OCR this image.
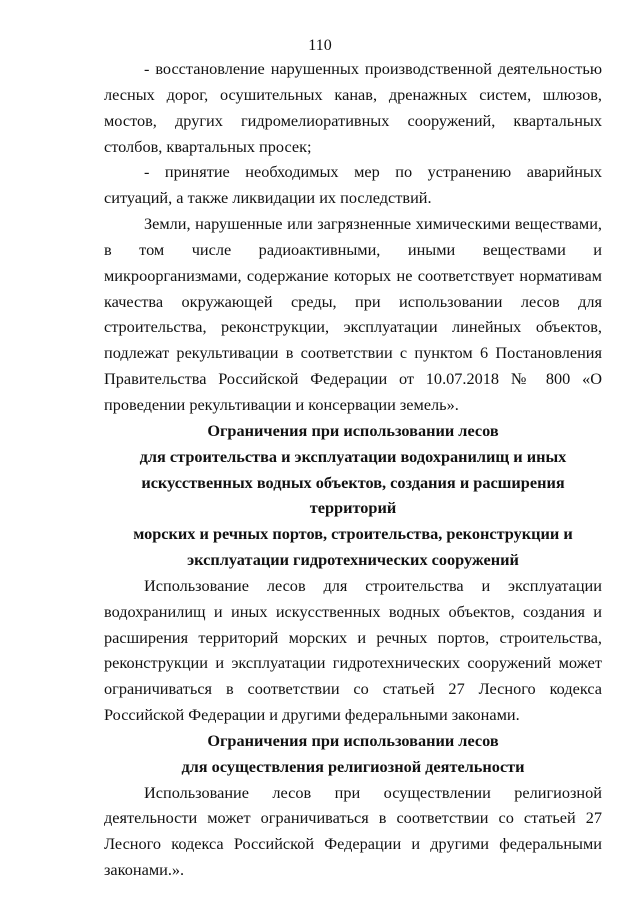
110

- восстановление нарушенных производственной деятельностью лесных дорог, осушительных канав, дренажных систем, шлюзов, мостов, других гидромелиоративных сооружений, квартальных столбов, квартальных просек;

- принятие необходимых мер по устранению аварийных ситуаций, а также ликвидации их последствий.

Земли, нарушенные или загрязненные химическими веществами, в том числе радиоактивными, иными веществами и микроорганизмами, содержание которых не соответствует нормативам качества окружающей среды, при использовании лесов для строительства, реконструкции, эксплуатации линейных объектов, подлежат рекультивации в соответствии с пунктом 6 Постановления Правительства Российской Федерации от 10.07.2018 № 800 «О проведении рекультивации и консервации земель».

Ограничения при использовании лесов
для строительства и эксплуатации водохранилищ и иных
искусственных водных объектов, создания и расширения территорий
морских и речных портов, строительства, реконструкции и
эксплуатации гидротехнических сооружений

Использование лесов для строительства и эксплуатации водохранилищ и иных искусственных водных объектов, создания и расширения территорий морских и речных портов, строительства, реконструкции и эксплуатации гидротехнических сооружений может ограничиваться в соответствии со статьей 27 Лесного кодекса Российской Федерации и другими федеральными законами.

Ограничения при использовании лесов
для осуществления религиозной деятельности

Использование лесов при осуществлении религиозной деятельности может ограничиваться в соответствии со статьей 27 Лесного кодекса Российской Федерации и другими федеральными законами.».
